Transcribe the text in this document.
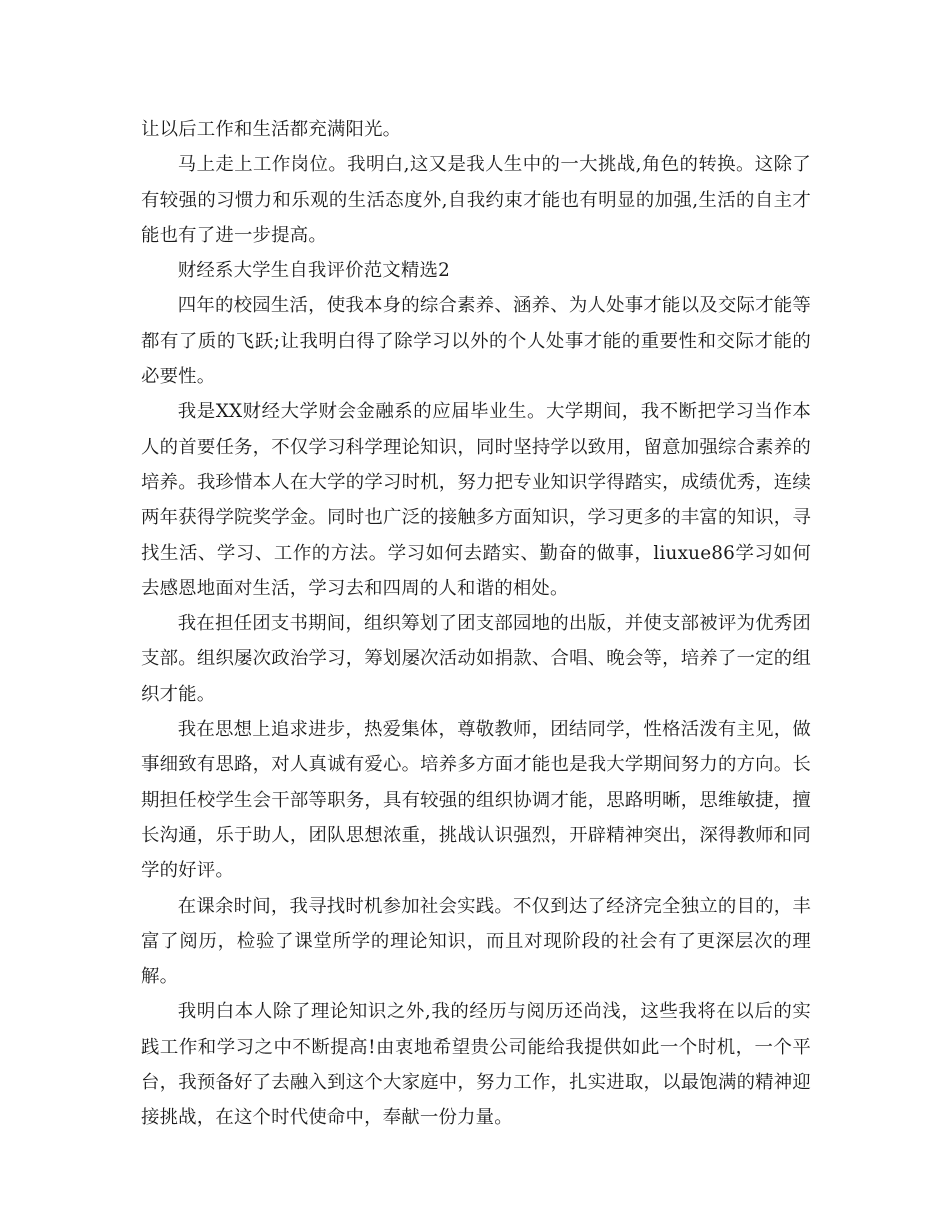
让以后工作和生活都充满阳光。

马上走上工作岗位。我明白,这又是我人生中的一大挑战,角色的转换。这除了有较强的习惯力和乐观的生活态度外,自我约束才能也有明显的加强,生活的自主才能也有了进一步提高。

财经系大学生自我评价范文精选2

四年的校园生活，使我本身的综合素养、涵养、为人处事才能以及交际才能等都有了质的飞跃;让我明白得了除学习以外的个人处事才能的重要性和交际才能的必要性。

我是XX财经大学财会金融系的应届毕业生。大学期间，我不断把学习当作本人的首要任务，不仅学习科学理论知识，同时坚持学以致用，留意加强综合素养的培养。我珍惜本人在大学的学习时机，努力把专业知识学得踏实，成绩优秀，连续两年获得学院奖学金。同时也广泛的接触多方面知识，学习更多的丰富的知识，寻找生活、学习、工作的方法。学习如何去踏实、勤奋的做事，liuxue86学习如何去感恩地面对生活，学习去和四周的人和谐的相处。

我在担任团支书期间，组织筹划了团支部园地的出版，并使支部被评为优秀团支部。组织屡次政治学习，筹划屡次活动如捐款、合唱、晚会等，培养了一定的组织才能。

我在思想上追求进步，热爱集体，尊敬教师，团结同学，性格活泼有主见，做事细致有思路，对人真诚有爱心。培养多方面才能也是我大学期间努力的方向。长期担任校学生会干部等职务，具有较强的组织协调才能，思路明晰，思维敏捷，擅长沟通，乐于助人，团队思想浓重，挑战认识强烈，开辟精神突出，深得教师和同学的好评。

在课余时间，我寻找时机参加社会实践。不仅到达了经济完全独立的目的，丰富了阅历，检验了课堂所学的理论知识，而且对现阶段的社会有了更深层次的理解。

我明白本人除了理论知识之外,我的经历与阅历还尚浅，这些我将在以后的实践工作和学习之中不断提高!由衷地希望贵公司能给我提供如此一个时机，一个平台，我预备好了去融入到这个大家庭中，努力工作，扎实进取，以最饱满的精神迎接挑战，在这个时代使命中，奉献一份力量。
